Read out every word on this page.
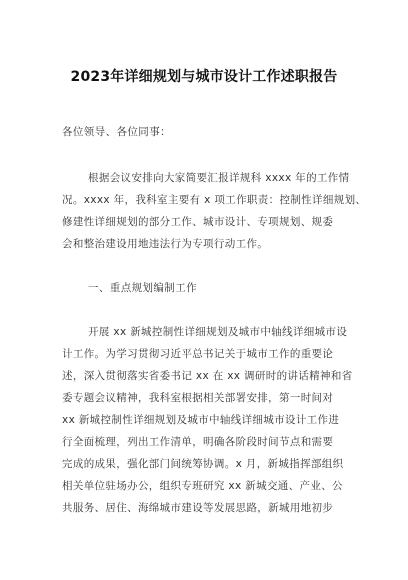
2023年详细规划与城市设计工作述职报告
各位领导、各位同事：
根据会议安排向大家简要汇报详规科 xxxx 年的工作情
况。xxxx 年，我科室主要有 x 项工作职责：控制性详细规划、
修建性详细规划的部分工作、城市设计、专项规划、规委
会和整治建设用地违法行为专项行动工作。
一、重点规划编制工作
开展 xx 新城控制性详细规划及城市中轴线详细城市设
计工作。为学习贯彻习近平总书记关于城市工作的重要论
述，深入贯彻落实省委书记 xx 在 xx 调研时的讲话精神和省
委专题会议精神，我科室根据相关部署安排，第一时间对
xx 新城控制性详细规划及城市中轴线详细城市设计工作进
行全面梳理，列出工作清单，明确各阶段时间节点和需要
完成的成果，强化部门间统筹协调。x 月，新城指挥部组织
相关单位驻场办公，组织专班研究 xx 新城交通、产业、公
共服务、居住、海绵城市建设等发展思路，新城用地初步
